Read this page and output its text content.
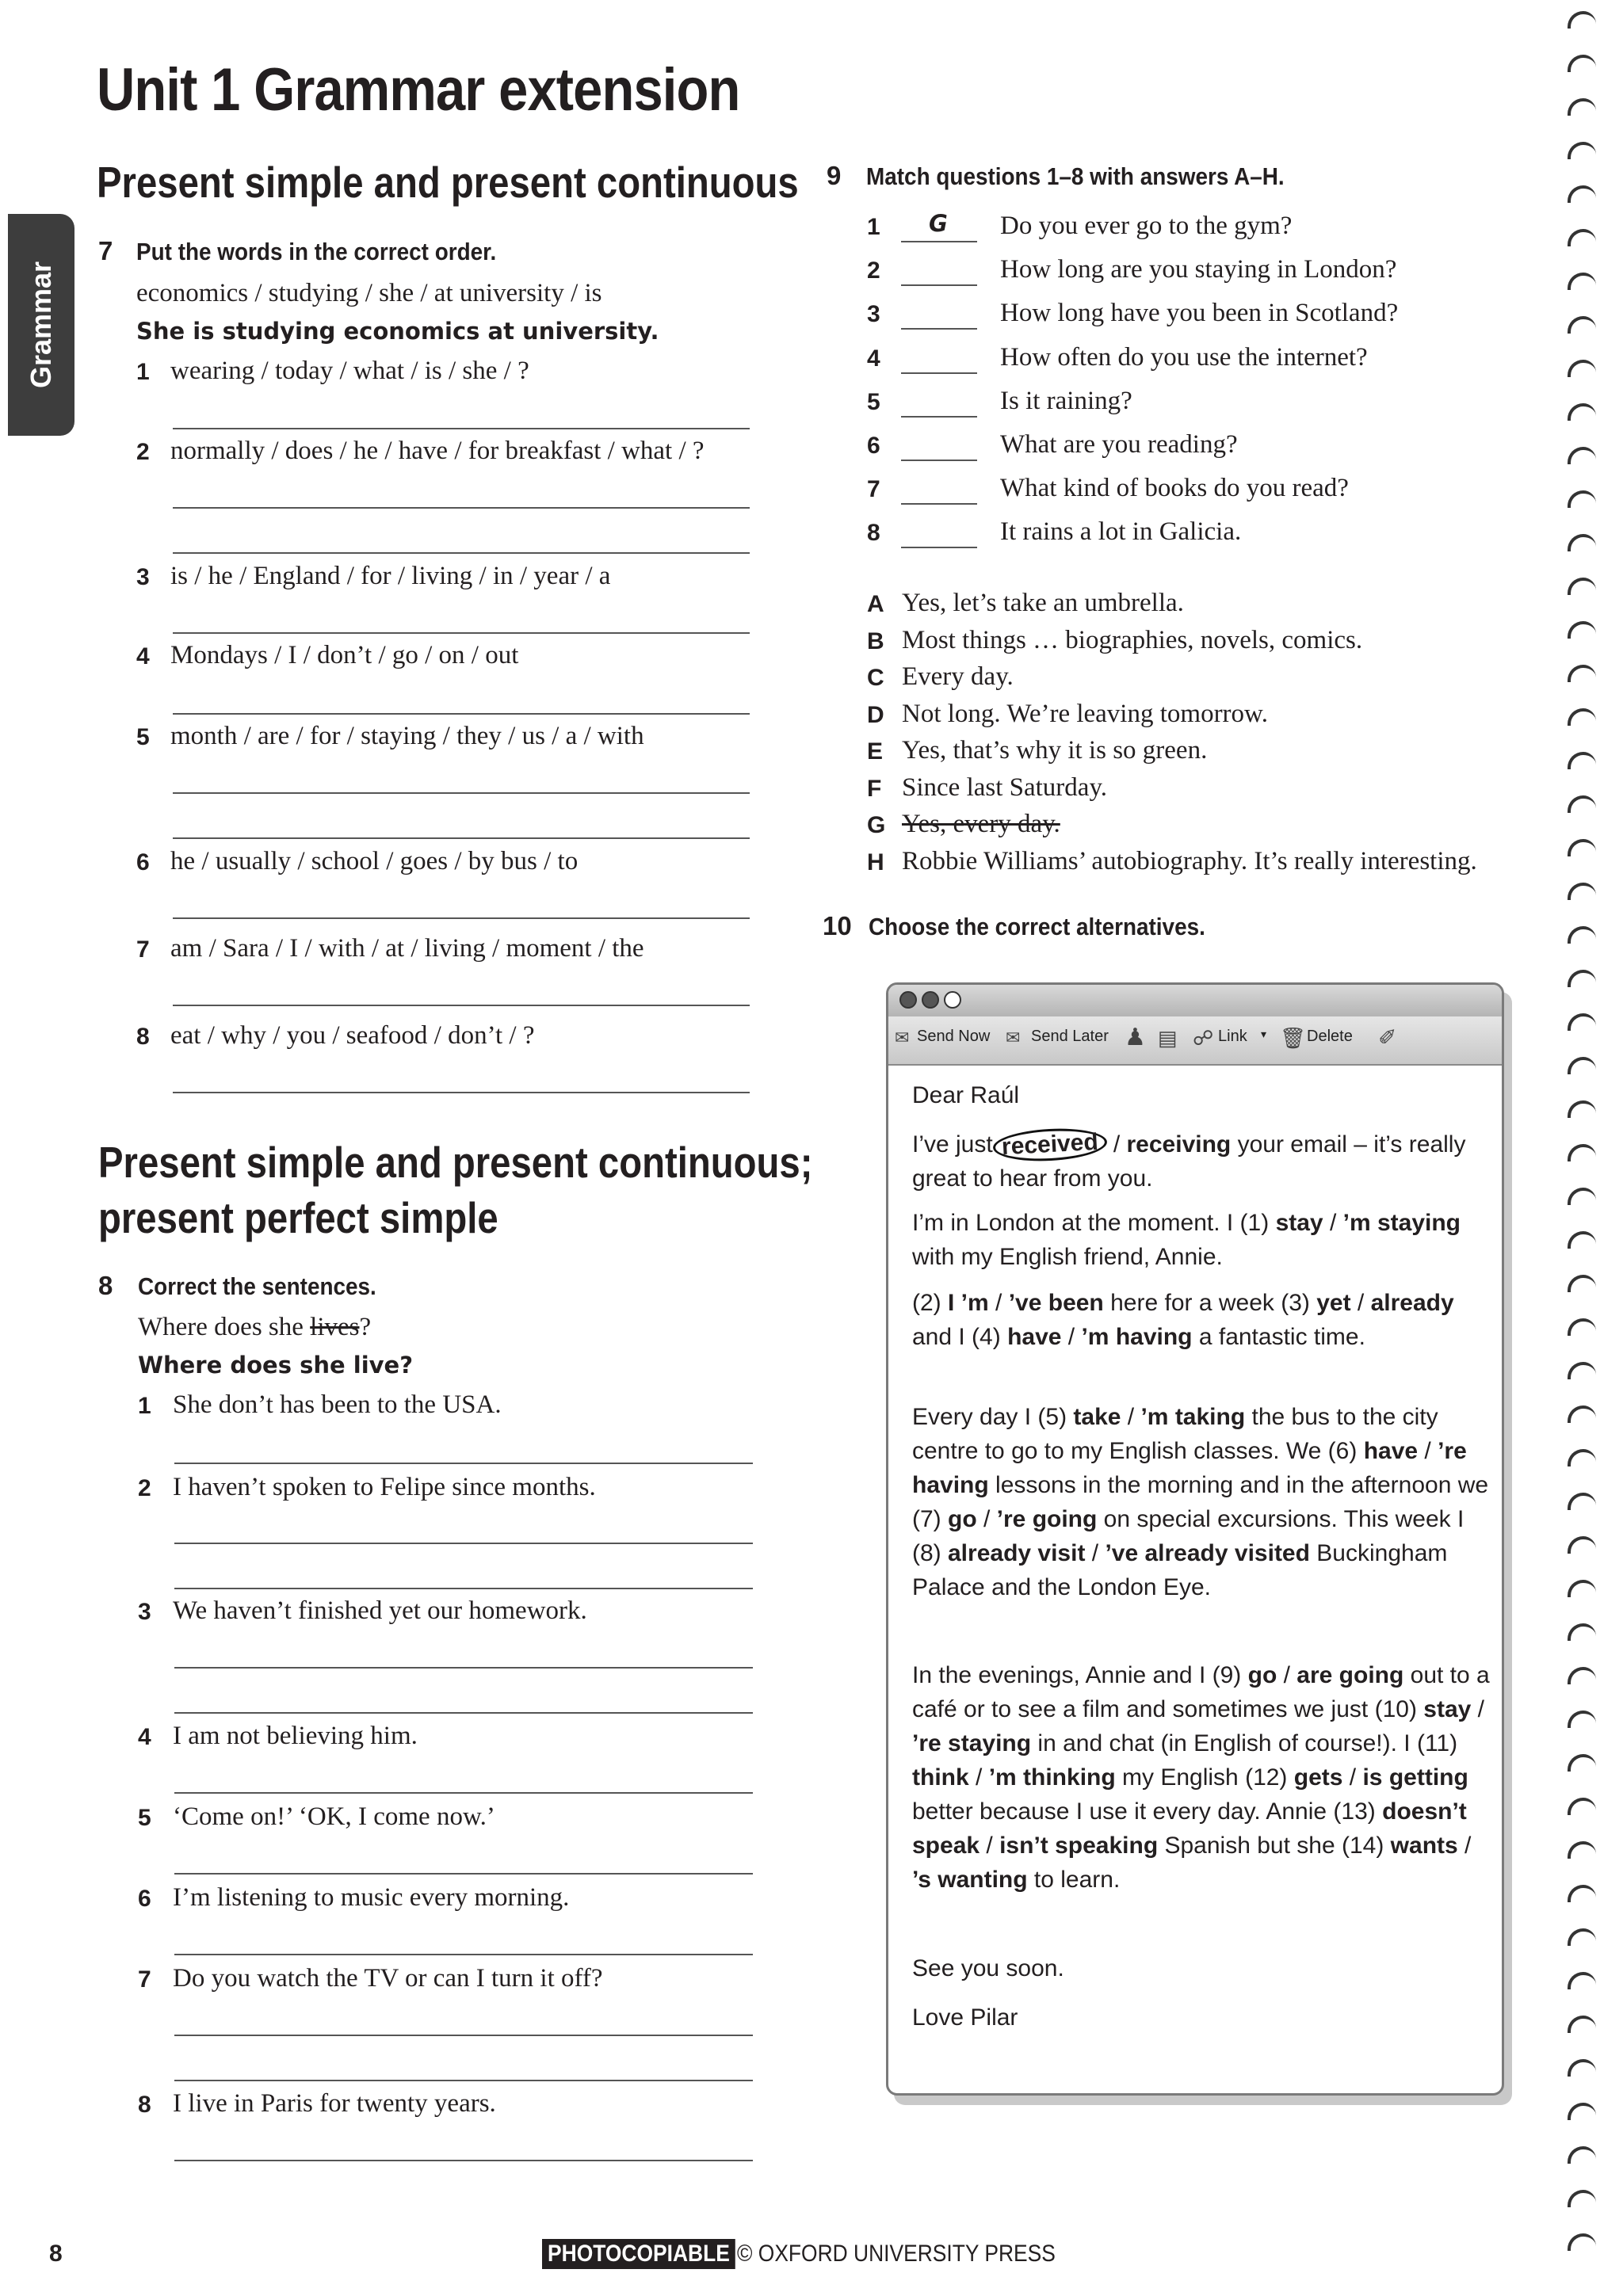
Grammar
Unit 1 Grammar extension
Present simple and present continuous
7 Put the words in the correct order.
economics / studying / she / at university / is
She is studying economics at university.
1 wearing / today / what / is / she / ?
2 normally / does / he / have / for breakfast / what / ?
3 is / he / England / for / living / in / year / a
4 Mondays / I / don’t / go / on / out
5 month / are / for / staying / they / us / a / with
6 he / usually / school / goes / by bus / to
7 am / Sara / I / with / at / living / moment / the
8 eat / why / you / seafood / don’t / ?
Present simple and present continuous;
present perfect simple
8 Correct the sentences.
Where does she lives?
Where does she live?
1 She don’t has been to the USA.
2 I haven’t spoken to Felipe since months.
3 We haven’t finished yet our homework.
4 I am not believing him.
5 ‘Come on!’ ‘OK, I come now.’
6 I’m listening to music every morning.
7 Do you watch the TV or can I turn it off?
8 I live in Paris for twenty years.
9 Match questions 1–8 with answers A–H.
1 G Do you ever go to the gym?
2	How long are you staying in London?
3	How long have you been in Scotland?
4	How often do you use the internet?
5	Is it raining?
6	What are you reading?
7	What kind of books do you read?
8	It rains a lot in Galicia.
A Yes, let’s take an umbrella.
B Most things … biographies, novels, comics.
C Every day.
D Not long. We’re leaving tomorrow.
E Yes, that’s why it is so green.
F Since last Saturday.
G Yes, every day.
H Robbie Williams’ autobiography. It’s really interesting.
10 Choose the correct alternatives.
✉ Send Now ✉ Send Later ♟ ▤ ☍ Link ▾ 🗑 Delete ✐
Dear Raúl
I’ve just received / receiving your email – it’s really great to hear from you.
I’m in London at the moment. I (1) stay / ’m staying with my English friend, Annie.
(2) I ’m / ’ve been here for a week (3) yet / already and I (4) have / ’m having a fantastic time.
Every day I (5) take / ’m taking the bus to the city centre to go to my English classes. We (6) have / ’re having lessons in the morning and in the afternoon we (7) go / ’re going on special excursions. This week I (8) already visit / ’ve already visited Buckingham Palace and the London Eye.
In the evenings, Annie and I (9) go / are going out to a café or to see a film and sometimes we just (10) stay / ’re staying in and chat (in English of course!). I (11) think / ’m thinking my English (12) gets / is getting better because I use it every day. Annie (13) doesn’t speak / isn’t speaking Spanish but she (14) wants / ’s wanting to learn.
See you soon.
Love Pilar
8	PHOTOCOPIABLE © OXFORD UNIVERSITY PRESS
